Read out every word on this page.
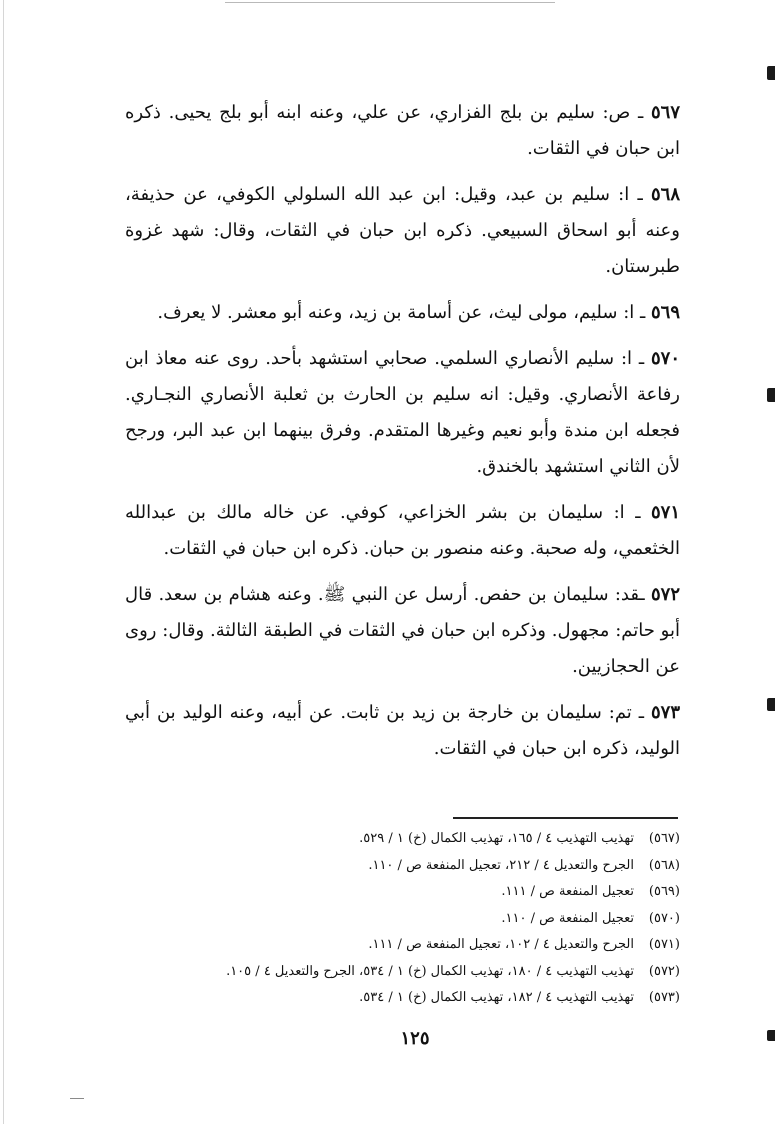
٥٦٧ ـ ص: سليم بن بلج الفزاري، عن علي، وعنه ابنه أبو بلج يحيى. ذكره ابن حبان في الثقات.

٥٦٨ ـ ا: سليم بن عبد، وقيل: ابن عبد الله السلولي الكوفي، عن حذيفة، وعنه أبو اسحاق السبيعي. ذكره ابن حبان في الثقات، وقال: شهد غزوة طبرستان.

٥٦٩ ـ ا: سليم، مولى ليث، عن أسامة بن زيد، وعنه أبو معشر. لا يعرف.

٥٧٠ ـ ا: سليم الأنصاري السلمي. صحابي استشهد بأحد. روى عنه معاذ ابن رفاعة الأنصاري. وقيل: انه سليم بن الحارث بن ثعلبة الأنصاري النجـاري. فجعله ابن مندة وأبو نعيم وغيرها المتقدم. وفرق بينهما ابن عبد البر، ورجح لأن الثاني استشهد بالخندق.

٥٧١ ـ ا: سليمان بن بشر الخزاعي، كوفي. عن خاله مالك بن عبدالله الخثعمي، وله صحبة. وعنه منصور بن حبان. ذكره ابن حبان في الثقات.

٥٧٢ ـقد: سليمان بن حفص. أرسل عن النبي ﷺ. وعنه هشام بن سعد. قال أبو حاتم: مجهول. وذكره ابن حبان في الثقات في الطبقة الثالثة. وقال: روى عن الحجازيين.

٥٧٣ ـ تم: سليمان بن خارجة بن زيد بن ثابت. عن أبيه، وعنه الوليد بن أبي الوليد، ذكره ابن حبان في الثقات.

(٥٦٧)تهذيب التهذيب ٤ / ١٦٥، تهذيب الكمال (خ) ١ / ٥٢٩.
(٥٦٨)الجرح والتعديل ٤ / ٢١٢، تعجيل المنفعة ص / ١١٠.
(٥٦٩)تعجيل المنفعة ص / ١١١.
(٥٧٠)تعجيل المنفعة ص / ١١٠.
(٥٧١)الجرح والتعديل ٤ / ١٠٢، تعجيل المنفعة ص / ١١١.
(٥٧٢)تهذيب التهذيب ٤ / ١٨٠، تهذيب الكمال (خ) ١ / ٥٣٤، الجرح والتعديل ٤ / ١٠٥.
(٥٧٣)تهذيب التهذيب ٤ / ١٨٢، تهذيب الكمال (خ) ١ / ٥٣٤.
١٢٥
